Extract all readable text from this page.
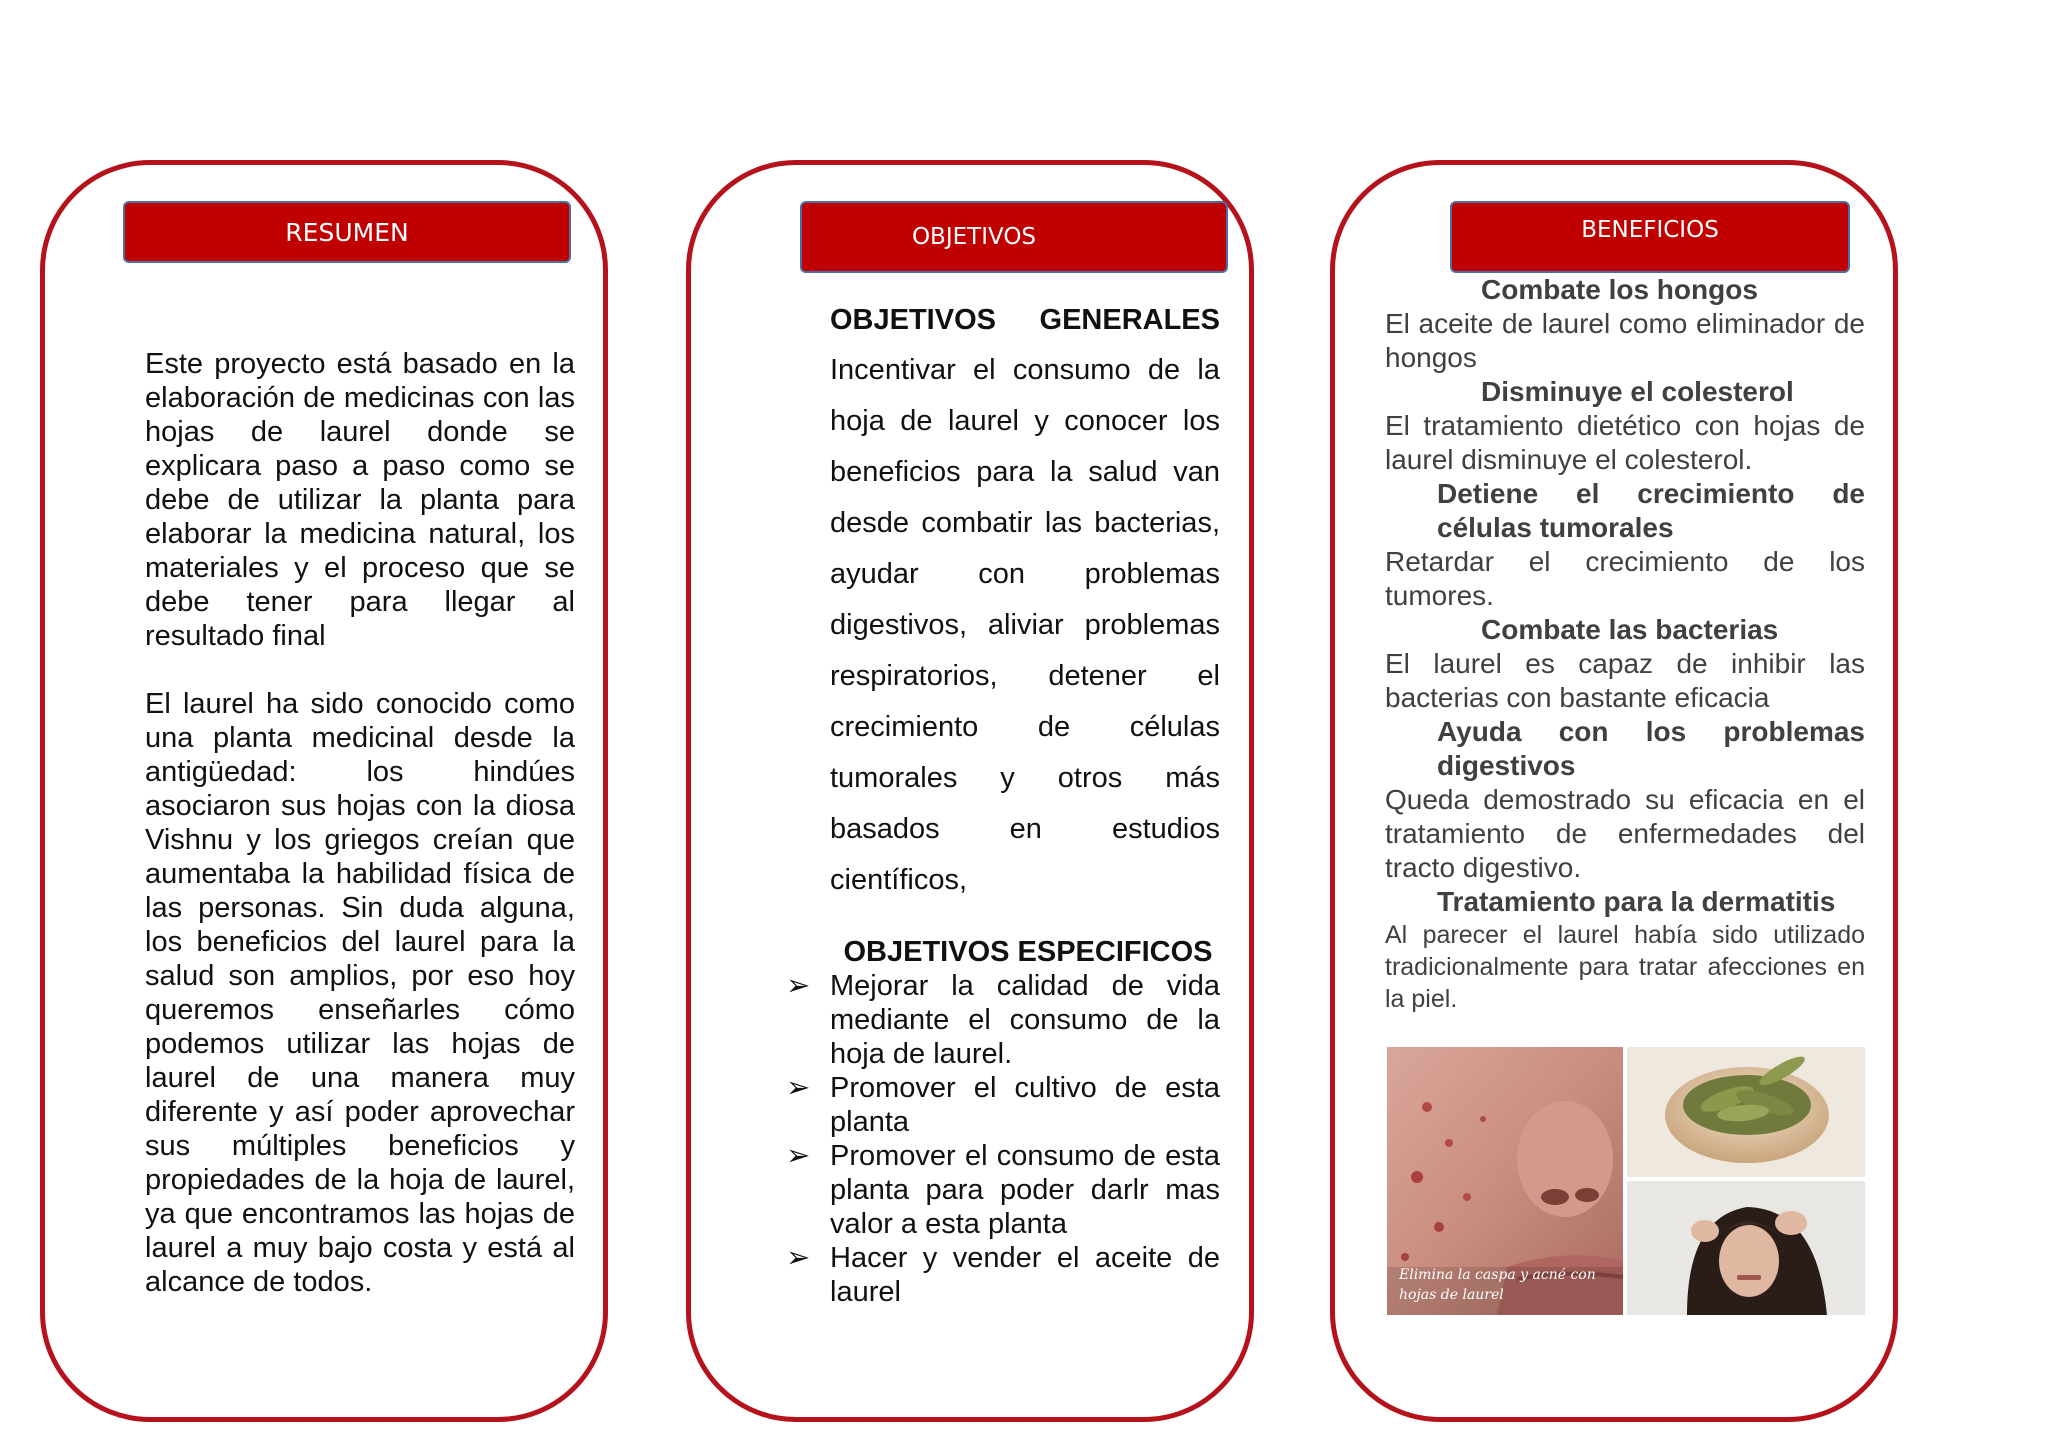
RESUMEN

Este proyecto está basado en la elaboración de medicinas con las hojas de laurel donde se explicara paso a paso como se debe de utilizar la planta para elaborar la medicina natural, los materiales y el proceso que se debe tener para llegar al resultado final

El laurel ha sido conocido como una planta medicinal desde la antigüedad: los hindúes asociaron sus hojas con la diosa Vishnu y los griegos creían que aumentaba la habilidad física de las personas. Sin duda alguna, los beneficios del laurel para la salud son amplios, por eso hoy queremos enseñarles cómo podemos utilizar las hojas de laurel de una manera muy diferente y así poder aprovechar sus múltiples beneficios y propiedades de la hoja de laurel, ya que encontramos las hojas de laurel a muy bajo costa y está al alcance de todos.

OBJETIVOS
OBJETIVOS GENERALES
Incentivar el consumo de la hoja de laurel y conocer los beneficios para la salud van desde combatir las bacterias, ayudar con problemas digestivos, aliviar problemas respiratorios, detener el crecimiento de células tumorales y otros más basados en estudios científicos,
OBJETIVOS ESPECIFICOS
➢ Mejorar la calidad de vida mediante el consumo de la hoja de laurel.
➢ Promover el cultivo de esta planta
➢ Promover el consumo de esta planta para poder darlr mas valor a esta planta
➢ Hacer y vender el aceite de laurel
BENEFICIOS
Combate los hongos
El aceite de laurel como eliminador de hongos
Disminuye el colesterol
El tratamiento dietético con hojas de laurel disminuye el colesterol.
Detiene el crecimiento de células tumorales
Retardar el crecimiento de los tumores.
Combate las bacterias
El laurel es capaz de inhibir las bacterias con bastante eficacia
Ayuda con los problemas digestivos
Queda demostrado su eficacia en el tratamiento de enfermedades del tracto digestivo.
Tratamiento para la dermatitis
Al parecer el laurel había sido utilizado tradicionalmente para tratar afecciones en la piel.
Elimina la caspa y acné con hojas de laurel
